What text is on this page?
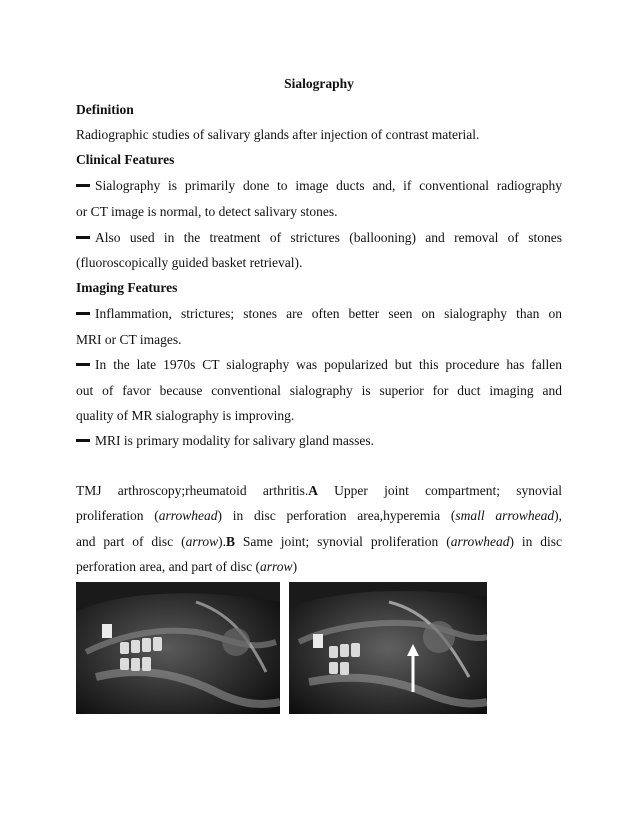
Sialography
Definition
Radiographic studies of salivary glands after injection of contrast material.
Clinical Features
Sialography is primarily done to image ducts and, if conventional radiography
or CT image is normal, to detect salivary stones.
Also used in the treatment of strictures (ballooning) and removal of stones
(fluoroscopically guided basket retrieval).
Imaging Features
Inflammation, strictures; stones are often better seen on sialography than on
MRI or CT images.
In the late 1970s CT sialography was popularized but this procedure has fallen
out of favor because conventional sialography is superior for duct imaging and
quality of MR sialography is improving.
MRI is primary modality for salivary gland masses.
TMJ arthroscopy;rheumatoid arthritis.A Upper joint compartment; synovial
proliferation (arrowhead) in disc perforation area,hyperemia (small arrowhead),
and part of disc (arrow).B Same joint; synovial proliferation (arrowhead) in disc
perforation area, and part of disc (arrow)
